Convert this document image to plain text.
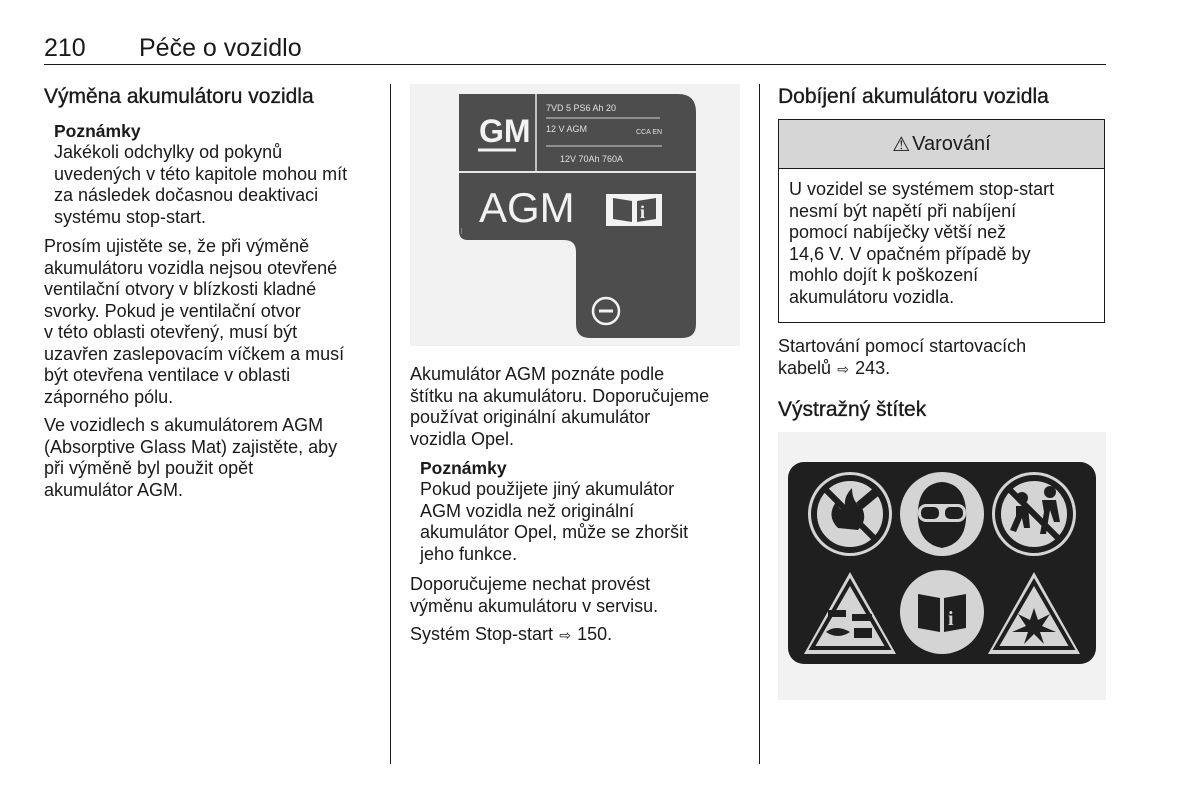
210 Péče o vozidlo
Výměna akumulátoru vozidla
Poznámky
Jakékoli odchylky od pokynů
uvedených v této kapitole mohou mít
za následek dočasnou deaktivaci
systému stop-start.

Prosím ujistěte se, že při výměně
akumulátoru vozidla nejsou otevřené
ventilační otvory v blízkosti kladné
svorky. Pokud je ventilační otvor
v této oblasti otevřený, musí být
uzavřen zaslepovacím víčkem a musí
být otevřena ventilace v oblasti
záporného pólu.

Ve vozidlech s akumulátorem AGM
(Absorptive Glass Mat) zajistěte, aby
při výměně byl použit opět
akumulátor AGM.

GM
7VD 5 PS6 Ah 20
12 V AGM	CCA EN
12V 70Ah 760A
AGM	i
—

Akumulátor AGM poznáte podle
štítku na akumulátoru. Doporučujeme
používat originální akumulátor
vozidla Opel.

Poznámky
Pokud použijete jiný akumulátor
AGM vozidla než originální
akumulátor Opel, může se zhoršit
jeho funkce.

Doporučujeme nechat provést
výměnu akumulátoru v servisu.

Systém Stop-start ⇨ 150.

Dobíjení akumulátoru vozidla
⚠ Varování
U vozidel se systémem stop-start
nesmí být napětí při nabíjení
pomocí nabíječky větší než
14,6 V. V opačném případě by
mohlo dojít k poškození
akumulátoru vozidla.

Startování pomocí startovacích
kabelů ⇨ 243.

Výstražný štítek
i
